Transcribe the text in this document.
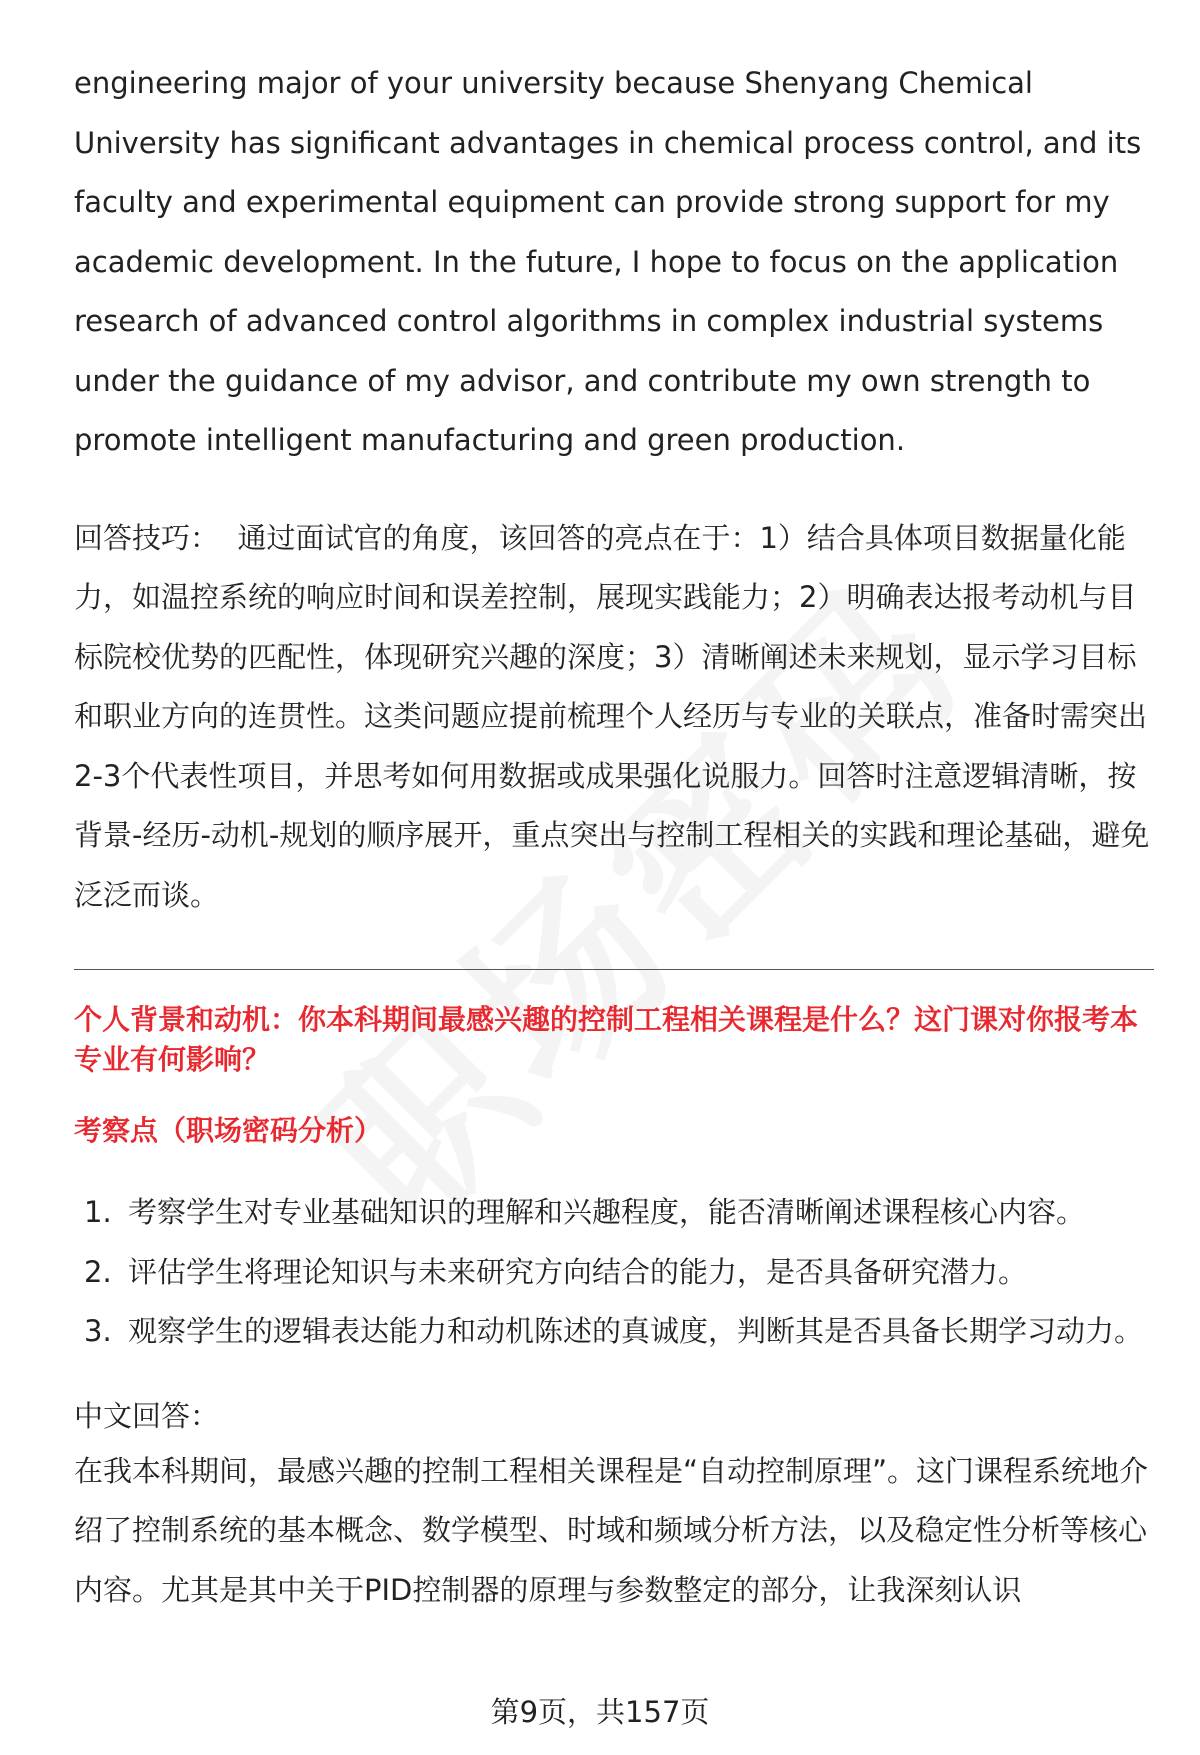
engineering major of your university because Shenyang Chemical University has significant advantages in chemical process control, and its faculty and experimental equipment can provide strong support for my academic development. In the future, I hope to focus on the application research of advanced control algorithms in complex industrial systems under the guidance of my advisor, and contribute my own strength to promote intelligent manufacturing and green production.

回答技巧： 通过面试官的角度，该回答的亮点在于：1）结合具体项目数据量化能力，如温控系统的响应时间和误差控制，展现实践能力；2）明确表达报考动机与目标院校优势的匹配性，体现研究兴趣的深度；3）清晰阐述未来规划，显示学习目标和职业方向的连贯性。这类问题应提前梳理个人经历与专业的关联点，准备时需突出2-3个代表性项目，并思考如何用数据或成果强化说服力。回答时注意逻辑清晰，按背景-经历-动机-规划的顺序展开，重点突出与控制工程相关的实践和理论基础，避免泛泛而谈。

个人背景和动机：你本科期间最感兴趣的控制工程相关课程是什么？这门课对你报考本专业有何影响？
考察点（职场密码分析）
1. 考察学生对专业基础知识的理解和兴趣程度，能否清晰阐述课程核心内容。
2. 评估学生将理论知识与未来研究方向结合的能力，是否具备研究潜力。
3. 观察学生的逻辑表达能力和动机陈述的真诚度，判断其是否具备长期学习动力。
中文回答：

在我本科期间，最感兴趣的控制工程相关课程是“自动控制原理”。这门课程系统地介绍了控制系统的基本概念、数学模型、时域和频域分析方法，以及稳定性分析等核心内容。尤其是其中关于PID控制器的原理与参数整定的部分，让我深刻认识

第9页，共157页
